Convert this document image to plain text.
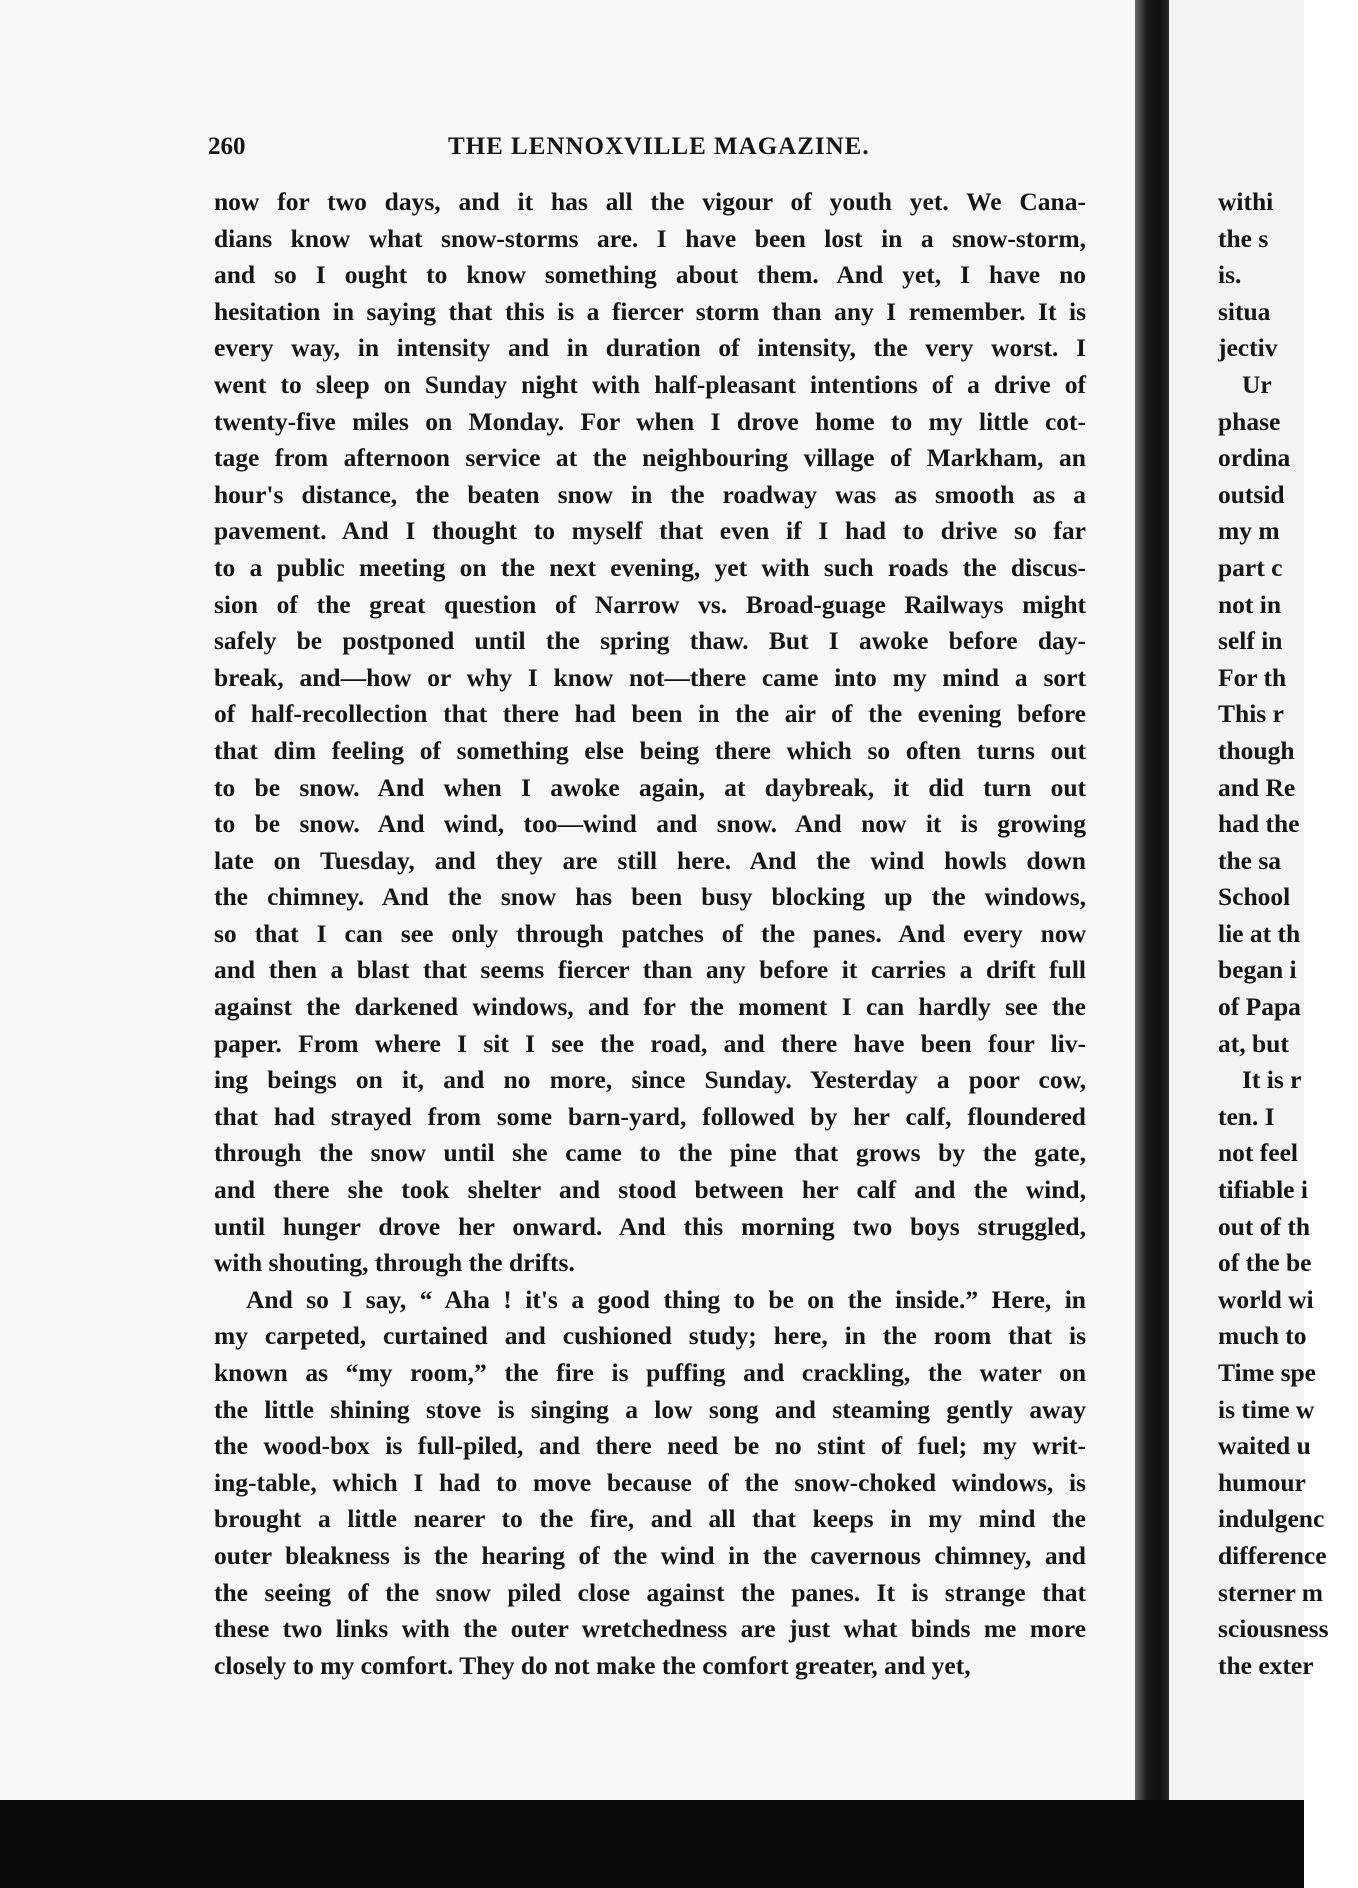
260	THE LENNOXVILLE MAGAZINE.
now for two days, and it has all the vigour of youth yet. We Cana-
dians know what snow-storms are. I have been lost in a snow-storm,
and so I ought to know something about them. And yet, I have no
hesitation in saying that this is a fiercer storm than any I remember. It is
every way, in intensity and in duration of intensity, the very worst. I
went to sleep on Sunday night with half-pleasant intentions of a drive of
twenty-five miles on Monday. For when I drove home to my little cot-
tage from afternoon service at the neighbouring village of Markham, an
hour's distance, the beaten snow in the roadway was as smooth as a
pavement. And I thought to myself that even if I had to drive so far
to a public meeting on the next evening, yet with such roads the discus-
sion of the great question of Narrow vs. Broad-guage Railways might
safely be postponed until the spring thaw. But I awoke before day-
break, and—how or why I know not—there came into my mind a sort
of half-recollection that there had been in the air of the evening before
that dim feeling of something else being there which so often turns out
to be snow. And when I awoke again, at daybreak, it did turn out
to be snow. And wind, too—wind and snow. And now it is growing
late on Tuesday, and they are still here. And the wind howls down
the chimney. And the snow has been busy blocking up the windows,
so that I can see only through patches of the panes. And every now
and then a blast that seems fiercer than any before it carries a drift full
against the darkened windows, and for the moment I can hardly see the
paper. From where I sit I see the road, and there have been four liv-
ing beings on it, and no more, since Sunday. Yesterday a poor cow,
that had strayed from some barn-yard, followed by her calf, floundered
through the snow until she came to the pine that grows by the gate,
and there she took shelter and stood between her calf and the wind,
until hunger drove her onward. And this morning two boys struggled,
with shouting, through the drifts.
And so I say, “ Aha ! it's a good thing to be on the inside.” Here, in
my carpeted, curtained and cushioned study; here, in the room that is
known as “my room,” the fire is puffing and crackling, the water on
the little shining stove is singing a low song and steaming gently away
the wood-box is full-piled, and there need be no stint of fuel; my writ-
ing-table, which I had to move because of the snow-choked windows, is
brought a little nearer to the fire, and all that keeps in my mind the
outer bleakness is the hearing of the wind in the cavernous chimney, and
the seeing of the snow piled close against the panes. It is strange that
these two links with the outer wretchedness are just what binds me more
closely to my comfort. They do not make the comfort greater, and yet,
withi
the s
is.
situa
jectiv
Ur
phase
ordina
outsid
my m
part c
not in
self in
For th
This r
though
and Re
had the
the sa
School
lie at th
began i
of Papa
at, but
It is r
ten. I
not feel
tifiable i
out of th
of the be
world wi
much to
Time spe
is time w
waited u
humour
indulgenc
difference
sterner m
sciousness
the exter
